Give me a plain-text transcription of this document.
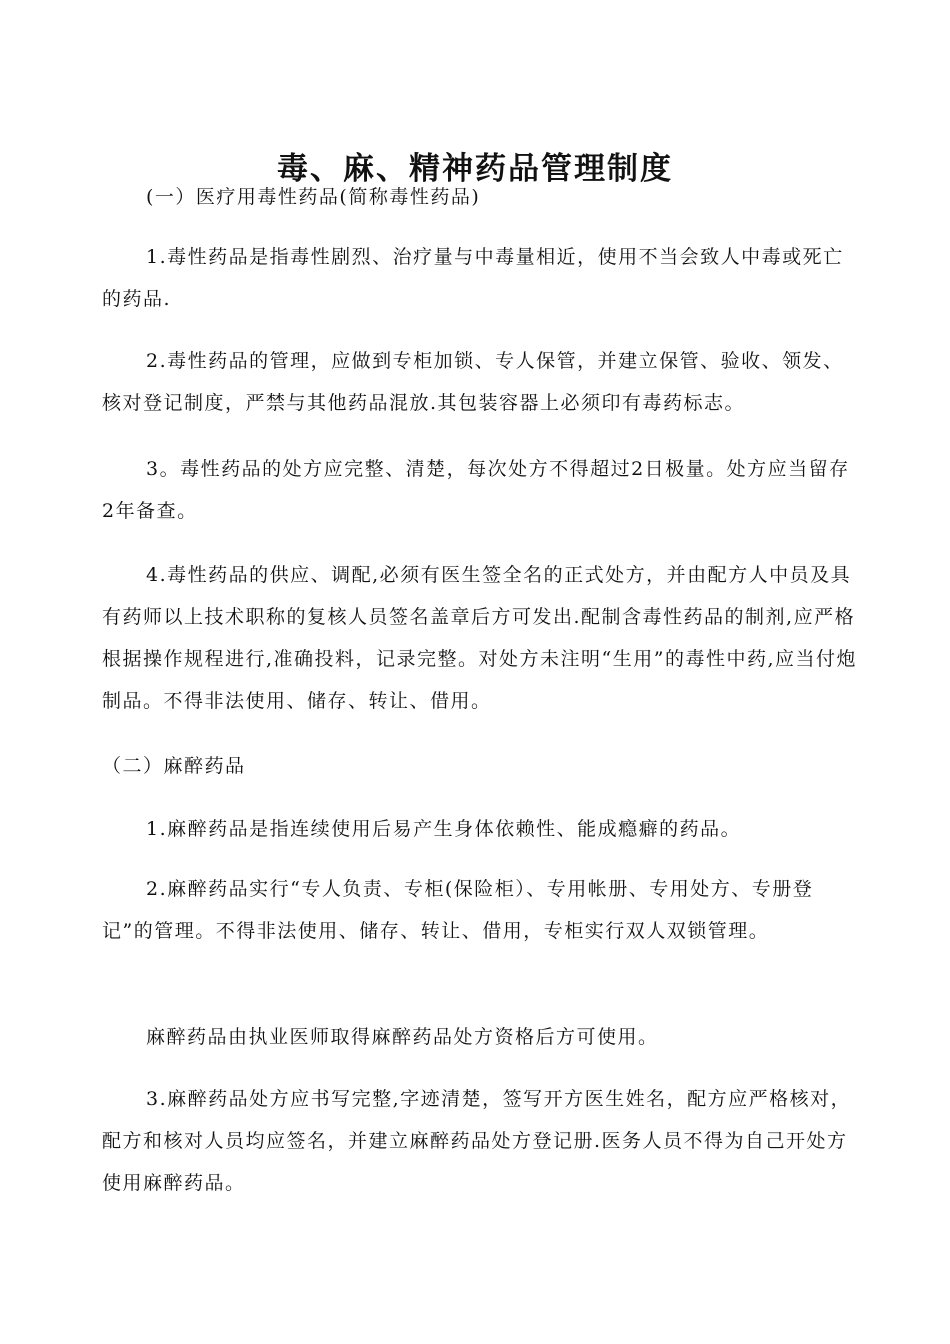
毒、麻、精神药品管理制度

(一）医疗用毒性药品(简称毒性药品)

1.毒性药品是指毒性剧烈、治疗量与中毒量相近，使用不当会致人中毒或死亡的药品.

2.毒性药品的管理，应做到专柜加锁、专人保管，并建立保管、验收、领发、核对登记制度，严禁与其他药品混放.其包装容器上必须印有毒药标志。

3。毒性药品的处方应完整、清楚，每次处方不得超过2日极量。处方应当留存2年备查。

4.毒性药品的供应、调配,必须有医生签全名的正式处方，并由配方人中员及具有药师以上技术职称的复核人员签名盖章后方可发出.配制含毒性药品的制剂,应严格根据操作规程进行,准确投料，记录完整。对处方未注明“生用”的毒性中药,应当付炮制品。不得非法使用、储存、转让、借用。

（二）麻醉药品

1.麻醉药品是指连续使用后易产生身体依赖性、能成瘾癖的药品。

2.麻醉药品实行“专人负责、专柜(保险柜）、专用帐册、专用处方、专册登记”的管理。不得非法使用、储存、转让、借用，专柜实行双人双锁管理。

麻醉药品由执业医师取得麻醉药品处方资格后方可使用。

3.麻醉药品处方应书写完整,字迹清楚，签写开方医生姓名，配方应严格核对，配方和核对人员均应签名，并建立麻醉药品处方登记册.医务人员不得为自己开处方使用麻醉药品。
